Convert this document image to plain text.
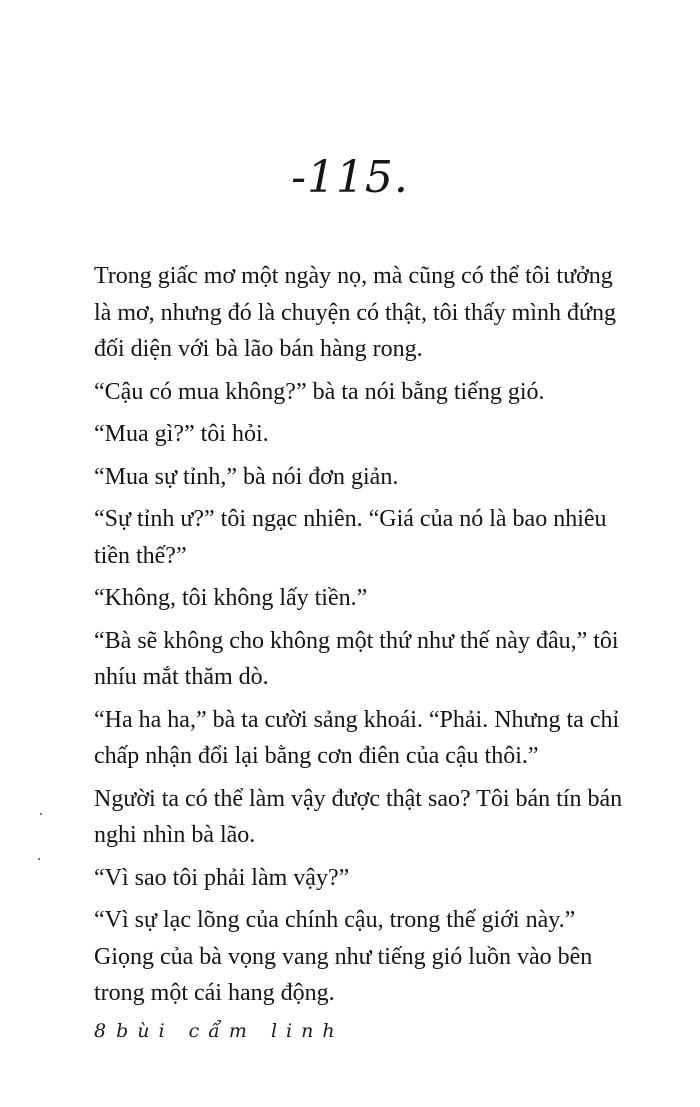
-115.

Trong giấc mơ một ngày nọ, mà cũng có thể tôi tưởng là mơ, nhưng đó là chuyện có thật, tôi thấy mình đứng đối diện với bà lão bán hàng rong.

“Cậu có mua không?” bà ta nói bằng tiếng gió.

“Mua gì?” tôi hỏi.

“Mua sự tỉnh,” bà nói đơn giản.

“Sự tỉnh ư?” tôi ngạc nhiên. “Giá của nó là bao nhiêu tiền thế?”

“Không, tôi không lấy tiền.”

“Bà sẽ không cho không một thứ như thế này đâu,” tôi nhíu mắt thăm dò.

“Ha ha ha,” bà ta cười sảng khoái. “Phải. Nhưng ta chỉ chấp nhận đổi lại bằng cơn điên của cậu thôi.”

Người ta có thể làm vậy được thật sao? Tôi bán tín bán nghi nhìn bà lão.

“Vì sao tôi phải làm vậy?”

“Vì sự lạc lõng của chính cậu, trong thế giới này.” Giọng của bà vọng vang như tiếng gió luồn vào bên trong một cái hang động.

8 bùi cẩm linh
